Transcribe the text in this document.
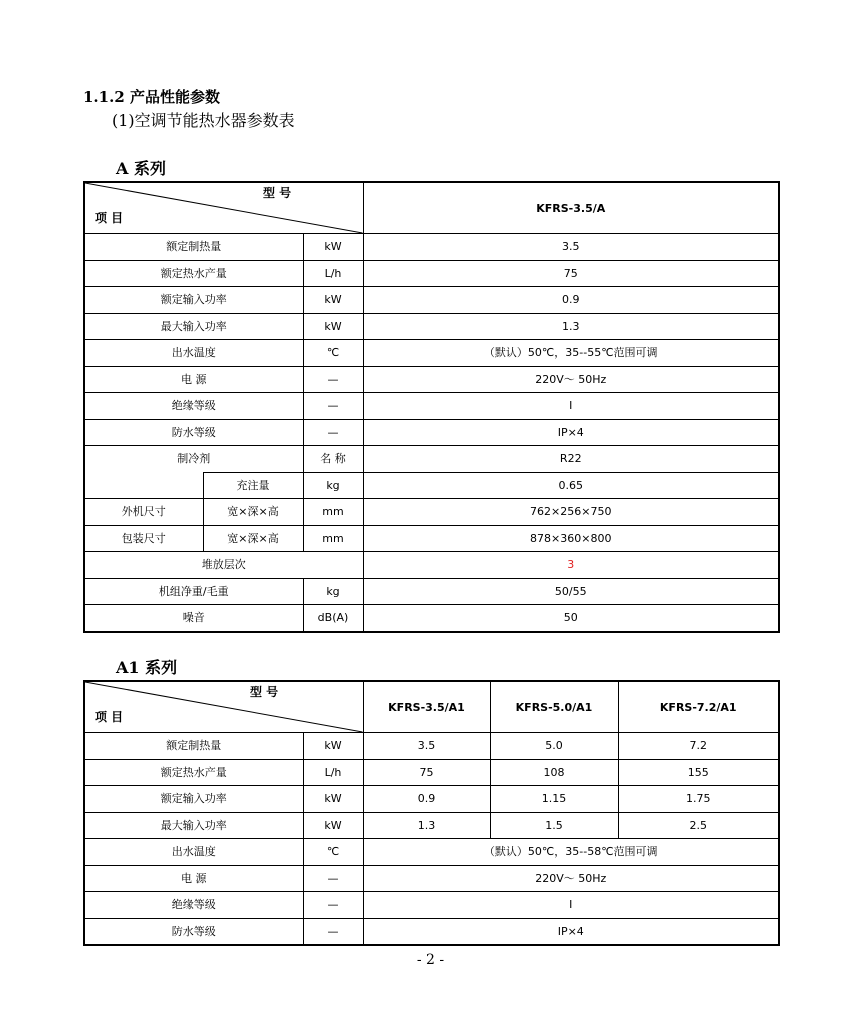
1.1.2 产品性能参数
(1)空调节能热水器参数表
A 系列
型 号
项 目			KFRS-3.5/A
额定制热量		kW	3.5
额定热水产量		L/h	75
额定输入功率		kW	0.9
最大输入功率		kW	1.3
出水温度		℃	（默认）50℃，35--55℃范围可调
电 源		—	220V～ 50Hz
绝缘等级		—	I
防水等级		—	IP×4
制冷剂		名 称	R22
	充注量	kg	0.65
外机尺寸	宽×深×高	mm	762×256×750
包装尺寸	宽×深×高	mm	878×360×800
堆放层次			3
机组净重/毛重		kg	50/55
噪音		dB(A)	50
A1 系列
型 号
项 目		KFRS-3.5/A1	KFRS-5.0/A1	KFRS-7.2/A1
额定制热量	kW	3.5	5.0	7.2
额定热水产量	L/h	75	108	155
额定输入功率	kW	0.9	1.15	1.75
最大输入功率	kW	1.3	1.5	2.5
出水温度	℃	（默认）50℃，35--58℃范围可调		
电 源	—	220V～ 50Hz		
绝缘等级	—	I		
防水等级	—	IP×4		
- 2 -
